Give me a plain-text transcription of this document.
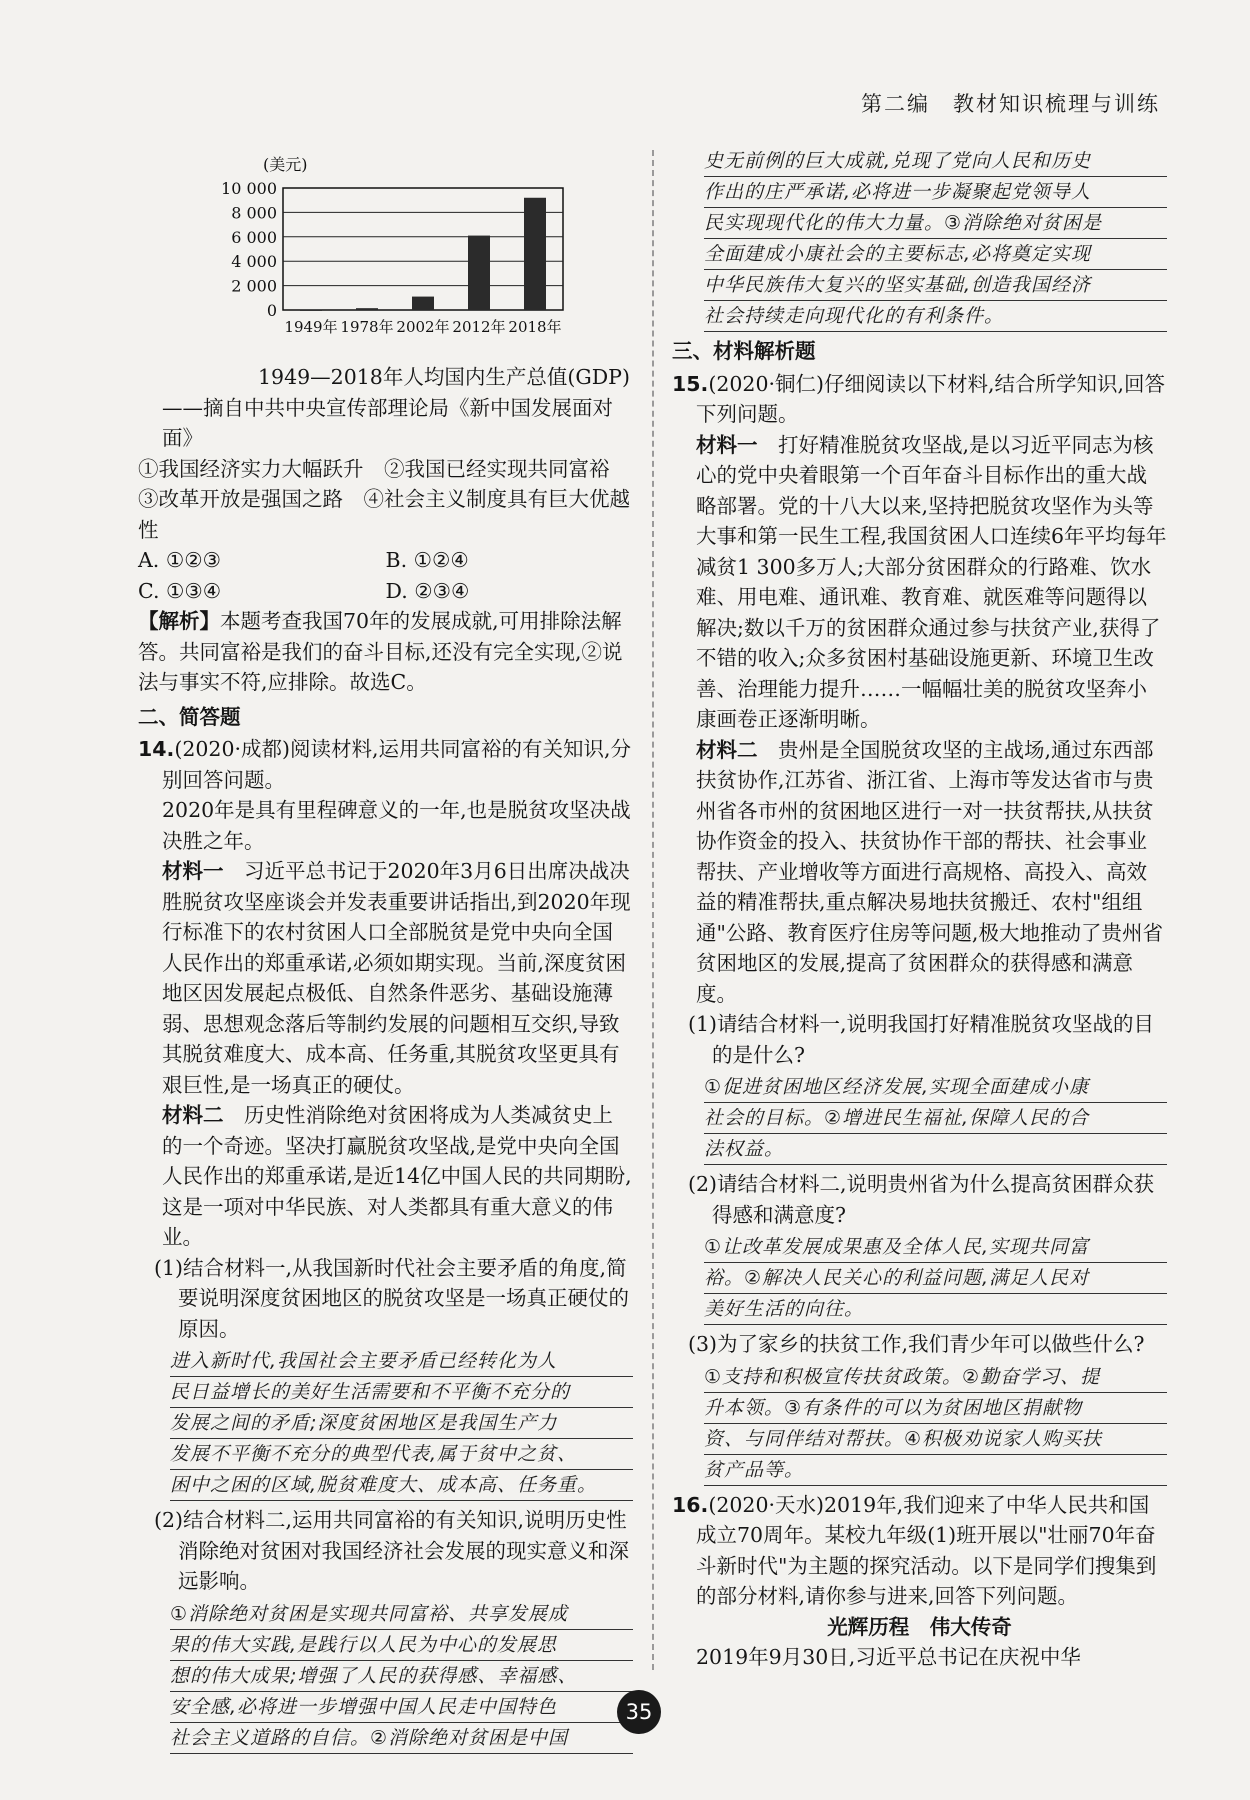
第二编　教材知识梳理与训练
(美元)
0
2 000
4 000
6 000
8 000
10 000
1949年 1978年 2002年 2012年 2018年

1949—2018年人均国内生产总值(GDP)

——摘自中共中央宣传部理论局《新中国发展面对面》

①我国经济实力大幅跃升　②我国已经实现共同富裕　③改革开放是强国之路　④社会主义制度具有巨大优越性

A. ①②③	B. ①②④
C. ①③④	D. ②③④

【解析】本题考查我国70年的发展成就,可用排除法解答。共同富裕是我们的奋斗目标,还没有完全实现,②说法与事实不符,应排除。故选C。

二、简答题

14.(2020·成都)阅读材料,运用共同富裕的有关知识,分别回答问题。

2020年是具有里程碑意义的一年,也是脱贫攻坚决战决胜之年。

材料一　 习近平总书记于2020年3月6日出席决战决胜脱贫攻坚座谈会并发表重要讲话指出,到2020年现行标准下的农村贫困人口全部脱贫是党中央向全国人民作出的郑重承诺,必须如期实现。当前,深度贫困地区因发展起点极低、自然条件恶劣、基础设施薄弱、思想观念落后等制约发展的问题相互交织,导致其脱贫难度大、成本高、任务重,其脱贫攻坚更具有艰巨性,是一场真正的硬仗。

材料二　 历史性消除绝对贫困将成为人类减贫史上的一个奇迹。坚决打赢脱贫攻坚战,是党中央向全国人民作出的郑重承诺,是近14亿中国人民的共同期盼,这是一项对中华民族、对人类都具有重大意义的伟业。

(1)结合材料一,从我国新时代社会主要矛盾的角度,简要说明深度贫困地区的脱贫攻坚是一场真正硬仗的原因。

进入新时代,我国社会主要矛盾已经转化为人
民日益增长的美好生活需要和不平衡不充分的
发展之间的矛盾;深度贫困地区是我国生产力
发展不平衡不充分的典型代表,属于贫中之贫、
困中之困的区域,脱贫难度大、成本高、任务重。

(2)结合材料二,运用共同富裕的有关知识,说明历史性消除绝对贫困对我国经济社会发展的现实意义和深远影响。

①消除绝对贫困是实现共同富裕、共享发展成
果的伟大实践,是践行以人民为中心的发展思
想的伟大成果;增强了人民的获得感、幸福感、
安全感,必将进一步增强中国人民走中国特色
社会主义道路的自信。②消除绝对贫困是中国
史无前例的巨大成就,兑现了党向人民和历史
作出的庄严承诺,必将进一步凝聚起党领导人
民实现现代化的伟大力量。③消除绝对贫困是
全面建成小康社会的主要标志,必将奠定实现
中华民族伟大复兴的坚实基础,创造我国经济
社会持续走向现代化的有利条件。

三、材料解析题

15.(2020·铜仁)仔细阅读以下材料,结合所学知识,回答下列问题。

材料一　 打好精准脱贫攻坚战,是以习近平同志为核心的党中央着眼第一个百年奋斗目标作出的重大战略部署。党的十八大以来,坚持把脱贫攻坚作为头等大事和第一民生工程,我国贫困人口连续6年平均每年减贫1 300多万人;大部分贫困群众的行路难、饮水难、用电难、通讯难、教育难、就医难等问题得以解决;数以千万的贫困群众通过参与扶贫产业,获得了不错的收入;众多贫困村基础设施更新、环境卫生改善、治理能力提升……一幅幅壮美的脱贫攻坚奔小康画卷正逐渐明晰。

材料二　 贵州是全国脱贫攻坚的主战场,通过东西部扶贫协作,江苏省、浙江省、上海市等发达省市与贵州省各市州的贫困地区进行一对一扶贫帮扶,从扶贫协作资金的投入、扶贫协作干部的帮扶、社会事业帮扶、产业增收等方面进行高规格、高投入、高效益的精准帮扶,重点解决易地扶贫搬迁、农村"组组通"公路、教育医疗住房等问题,极大地推动了贵州省贫困地区的发展,提高了贫困群众的获得感和满意度。

(1)请结合材料一,说明我国打好精准脱贫攻坚战的目的是什么?

①促进贫困地区经济发展,实现全面建成小康
社会的目标。②增进民生福祉,保障人民的合
法权益。

(2)请结合材料二,说明贵州省为什么提高贫困群众获得感和满意度?

①让改革发展成果惠及全体人民,实现共同富
裕。②解决人民关心的利益问题,满足人民对
美好生活的向往。

(3)为了家乡的扶贫工作,我们青少年可以做些什么?

①支持和积极宣传扶贫政策。②勤奋学习、提
升本领。③有条件的可以为贫困地区捐献物
资、与同伴结对帮扶。④积极劝说家人购买扶
贫产品等。

16.(2020·天水)2019年,我们迎来了中华人民共和国成立70周年。某校九年级(1)班开展以"壮丽70年奋斗新时代"为主题的探究活动。以下是同学们搜集到的部分材料,请你参与进来,回答下列问题。

光辉历程　伟大传奇

2019年9月30日,习近平总书记在庆祝中华

35
